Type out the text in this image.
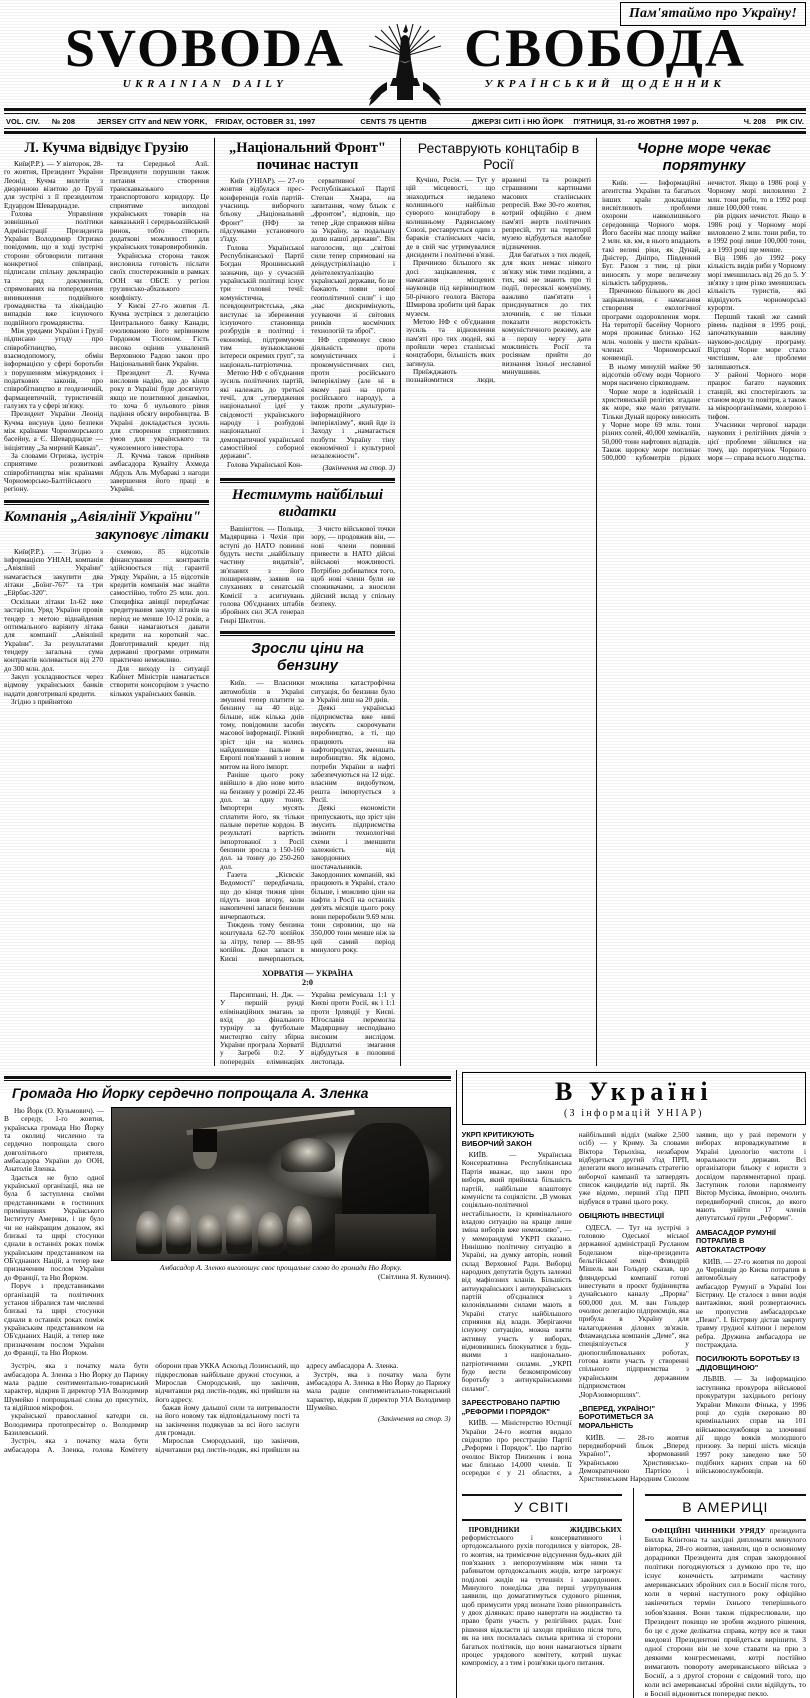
Пам'ятаймо про Україну!
SVOBODA
UKRAINIAN DAILY
СВОБОДА
УКРАЇНСЬКИЙ ЩОДЕННИК
VOL. CIV. № 208	JERSEY CITY and NEW YORK, FRIDAY, OCTOBER 31, 1997	CENTS 75 ЦЕНТІВ	ДЖЕРЗІ СИТІ і НЮ ЙОРК П'ЯТНИЦЯ, 31-го ЖОВТНЯ 1997 р.	Ч. 208 РІК CIV.
Л. Кучма відвідує Грузію

Київ(Р.Р.). — У вівторок, 28-го жовтня, Президент України Леонід Кучма вилетів з дводенною візитою до Грузії для зустрічі з її президентом Едуардом Шеварднадзе.

Голова Управління зовнішньої політики Адміністрації Президента України Володимир Огризко повідомив, що в ході зустрічі сторони обговорили питання конкретної співпраці, підписали спільну деклярацію та ряд документів, спрямованих на попередження виникнення подвійного громадянства та ліквідацію випадків вже існуючого подвійного громадянства.

Між урядами України і Грузії підписано угоду про співробітництво, взаємодопомогу, обмін інформацією у сфері боротьби з порушенням міжурядових і податкових законів, про співробітництво в геодезичній, фармацевтичній, туристичній галузях та у сфері зв'язку.

Президент України Леонід Кучма висунув ідею безпеки між країнами Чорноморського басейну, а Є. Шеварднадзе — ініціятиву „За мирний Кавказ".

За словами Огризка, зустріч сприятиме розвиткові співробітництва між країнами Чорноморсько-Балтійського регіону.

та Середньої Азії. Президенти порушили також питання створення транскавказького транспортового коридору. Це сприятиме виходові українських товарів на кавказький і середньоазійський ринок, тобто створить додаткові можливості для українських товаровиробників.

Українська сторона також висловила готовість післати своїх спостережників в рамках ООН чи ОБСЕ у регіон грузинсько-абхазького конфлікту.

У Києві 27-го жовтня Л. Кучма зустрівся з делегацією Центрального банку Канади, очолюваною його керівником Гордоном Тіссеном. Гість високо оцінив ухвалений Верховною Радою закон про Національний банк України.

Президент Л. Кучма висловив надію, що до кінця року в Україні буде досягнуто якщо не позитивної динаміки, то хоча б нульового рівня падіння обсягу виробництва. В Україні докладається зусиль для створення сприятливих умов для українського та чужоземного інвестора.

Л. Кучма також прийняв амбасадора Кувайту Ахмеда Абдуль Аль Мубаракі з нагоди завершення його праці в Україні.

Компанія „Авіялінії України"
закуповує літаки

Київ(Р.Р.). — Згідно з інформацією УНІАН, компанія „Авіялінії України" намагається закупити два літаки „Боїнг-767" та три „Ейрбас-320".

Оскільки літаки Іл-62 вже застаріли, Уряд України провів тендер з метою віднайдення оптимального варіянту літака для компанії „Авіялінії України". За результатами тендеру загальна сума контрактів коливається від 270 до 300 млн. дол.

Закуп ускладнюється через відмову українських банків надати довготривалі кредити.

Згідно з прийнятою

схемою, 85 відсотків фінансування контрактів здійснюється під гарантії Уряду України, а 15 відсотків кредитів компанія має знайти самостійно, тобто 25 млн. дол. Специфіка авіяції передбачає кредитування закупу літаків на період не менше 10-12 років, а банки намагаються давати кредити на короткий час. Довготривалий кредит під державні програми отримати практично неможливо.

Для виходу із ситуації Кабінет Міністрів намагається створити консорціюм з участю кількох українських банків.

„Національний Фронт"
починає наступ

Київ (УНІАР). — 27-го жовтня відбулася прес-конференція голів партій-учасниць виборчого бльоку „Національний Фронт" (НФ) за підсумками установчого з'їзду.

Голова Української Республіканської Партії Богдан Ярошинський зазначив, що у сучасній українській політиці існує три головні течії: комуністична, псевдоцентристська, „яка виступає за збереження існуючого становища розбрудів в політиці і економіці, підтримуючи тим вузькокланові інтереси окремих груп", та національ-патріотична.

Метою НФ є об'єднання зусиль політичних партій, які належать до третьої течії, для „утвердження національної ідеї у свідомості українського народу і розбудові національної і демократичної української самостійної соборної держави".

Голова Української Кон-

сервативної Республіканської Партії Степан Хмара, на запитання, чому бльок є „фронтом", відповів, що тепер „йде справжня війна за Україну, за подальшу долю нашої держави". Він наголосив, що „світові сили тепер спрямовані на деіндустріялізацію і деінтелектуалізацію української держави, бо не бажають появи нової геополітичної сили" і що „нас дискримінують, усуваючи зі світових ринків космічних технологій та зброї".

НФ спрямовує свою діяльність проти комуністичних і прокомуністичних сил, проти російського імперіялізму (але ні в якому разі на проти російського народу), а також проти „культурно-інформаційного імперіялізму", який йде із Заходу і „намагається позбути Україну тіну економічної і культурної незалежности".

(Закінчення на стор. 3)

Нестимуть найбільші видатки

Вашінґтон. — Польща, Мадярщина і Чехія при вступі до НАТО повинні будуть нести „найбільшу частину видатків", зв'язаних з його поширенням, заявив на слуханнях в сенатській Комісії з асигнувань голова Об'єднаних штабів збройних сил ЗСА генерал Генрі Шелтон.

З чисто військової точки зору, — продовжив він, — нові члени повинні привести в НАТО дійсні військові можливості. Потрібно добиватися того, щоб нові члени були не споживачами, а вносили дійсний вклад у спільну безпеку.

Зросли ціни на бензину

Київ. — Власники автомобілів в Україні змушені тепер платити за бензину на 40 відс. більше, ніж кілька днів тому, повідомили засоби масової інформації. Різкий зріст цін на колись найдешевше пальне в Европі пов'язаний з новим митом на його імпорт.

Раніше цього року ввійшло в дію нове мито на бензину у розмірі 22.46 дол. за одну тонну. Імпортери мусять сплатити його, як тільки пальне перетне кордон. В результаті вартість імпортованої з Росії бензини зросла з 150-160 дол. за тонну до 250-260 дол.

Газета „Кієвскіє Ведомості" передбачала, що до кінця тижня ціни підуть знов вгору, коли накопичені запаси бензини вичерпаються.

Тиждень тому бензина коштувала 62-70 копійок за літру, тепер — 88-95 копійок. Доки запаси в Києві вичерпаються, можлива катастрофічна ситуація, бо бензини було в Україні лиш на 20 днів.

Деякі українські підприємства вже нині змусять скорочувати виробництво, а ті, що працюють на нафтопродуктах, зменшать виробництво. Як відомо, потреби України в нафті забезпечуються на 12 відс. власним видобутком, решта імпортується з Росії.

Деякі економісти припускають, що зріст цін змусить підприємства змінити технологічні схеми і зменшити залежність від закордонних шостачальників. Закордонних компаній, які працюють в Україні, стало більше, і можливо ціни на нафти з Росії на останніх дев'ять місяців цього року вони переробили 9.69 млн. тонн сировини, що на 350,000 тонн менше ніж за цей самий період минулого року.

ХОРВАТІЯ — УКРАЇНА
2:0

Парсиппані, Н. Дж. — У першій рунді елімінаційних змагань за вхід до фінального турніру за футбольне мистецтво світу збірна України програла Хорватії у Загребі 0:2. У попередніх еліминаціях Україна ремісувала 1:1 у Києві проти Росії, як і 1:1 проти Ірляндії у Києві. Югославія перемогла Мадярщину несподівано високим вислідом. Відплатні змагання відбудуться в половині листопада.

Реставрують концтабір в Росії

Кучіно, Росія. — Тут у цій місцевості, що знаходиться недалеко колишнього найбільш суворого концтабору в колишньому Радянському Союзі, реставрується один з бараків сталінських часів, де в свій час утримувалися дисиденти і політичні в'язні.

Причиною більшого як досі зацікавлення, є намагання місцевих науковців під керівництвом 50-річного геолога Віктора Шмирова зробити цей барак музеєм.

Метою НФ є об'єднання зусиль та відновлення пам'яті про тих людей, які пройшли через сталінські концтабори, більшість яких загинула.

Приїжджають познайомитися люди, вражені та розкриті страшними картинами масових сталінських репресій. Вже 30-го жовтня, котрий офіційно є днем пам'яті жертв політичних репресій, тут на території музею відбудеться жалобне відзначення.

Для багатьох з тих людей, для яких немає ніякого зв'язку між тими подіями, а тих, які не знають про ті події, пересяклі комунізму, важливо пам'ятати і приєднуватися до тих злочинів, є не тільки показати жорстокість комуністичного режиму, але в першу чергу дати можливість Росії та росіянам прийти до визнання їхньої неславної минувшини.

Чорне море чекає порятунку

Київ. — Інформаційні агентства України та багатьох інших країн докладніше висвітлюють проблеми охорони навколишнього середовища Чорного моря. Його басейн має площу майже 2 млн. кв. км, в нього впадають такі великі ріки, як Дунай, Дністер, Дніпро, Південний Буг. Разом з тим, ці ріки виносять у море величезну кількість забруднень.

Причиною більшого як досі зацікавлення, є намагання створення екологічної програми оздоровлення моря. На території басейну Чорного моря проживає близько 162 млн. чоловік у шести країнах-членах Чорноморської конвенції.

В ньому минулій майже 90 відсотків об'єму води Чорного моря насичено сірководнем.

Чорне море в іодейській і християнській релігіях згадане як море, яке мало рятувати. Тільки Дунай щороку виносить у Чорне море 69 млн. тонн різних солей, 40,000 хемікаліїв, 50,000 тонн нафтових відпадів. Також щороку море поглинає 500,000 кубометрів рідких нечистот. Якщо в 1986 році у Чорному морі виловлено 2 млн. тони риби, то в 1992 році лише 100,000 тонн.

рів рідких нечистот. Якщо в 1986 році у Чорному морі виловлено 2 млн. тони риби, то в 1992 році лише 100,000 тонн, а в 1993 році ще менше.

Від 1986 до 1992 року кількість видів риби у Чорному морі зменшилась від 26 до 5. У зв'язку з цим різко зменшилась кількість туристів, які відвідують чорноморські курорти.

Перший такий же самий рівень падіння в 1995 році, започаткувавши важливу науково-дослідну програму. Відтоді Чорне море стало чистішим, але проблеми залишаються.

У районі Чорного моря працює багато наукових станцій, які спостерігають за станом води та повітря, а також за мікроорганізмами, холерою і тифом.

Учасники чергової наради наукових і релігійних діячів з цієї проблеми зійшлися на тому, що порятунок Чорного моря — справа всього людства.

Громада Ню Йорку сердечно попрощала А. Зленка

Ню Йорк (О. Кузьмович). — В середу, 1-го жовтня, українська громада Ню Йорку та околиці численно та сердечно попрощала свого довголітнього приятеля, амбасадора України до ООН, Анатолія Зленка.

Здається не було одної української організації, яка не була б заступлена своїми представниками в гостинних приміщеннях Українського Інституту Америки, і це було чи не найкращим доказом, які близькі та щирі стосунки єднали в останніх роках поміж українським представником на ОБ'єднаних Націй, а тепер вже призначеним послом України до Франції, та Ню Йорком.

Поруч з представниками організацій та політичних установ зібралися там численні близькі та щирі стосунки єднали в останніх роках поміж українським представником на ОБ'єднаних Націй, а тепер вже призначеним послом України до Франції, та Ню Йорком.

Амбасадор А. Зленко виголошує своє прощальне слово до громади Ню Йорку.
(Світлина Я. Кулинич).

Зустріч, яка з початку мала бути амбасадора А. Зленка з Ню Йорку до Парижу мала радше сентиментально-товариський характер, відкрив її директор УІА Володимир Шумейко і попрощальні слова до присутніх, та відійшов мікрофон.

української православної катедри св. Володимира протопресвітер о. Володимир Базилевський.

Зустріч, яка з початку мала бути амбасадора А. Зленка, голова Комітету оборони прав УККА Аскольд Лозинський, що підкреслював найбільше дружні стосунки, а Мирослав Смородський, що закінчив, відчитавши ряд листів-подяк, які прийшли на його адресу.

бажав йому дальшої сили та витривалости на його новому так відповідальному пості та на закінчення подякував за всі його заслуги для громади.

Мирослав Смородський, що закінчив, відчитавши ряд листів-подяк, які прийшли на адресу амбасадора А. Зленка.

Зустріч, яка з початку мала бути амбасадора А. Зленка в Ню Йорку до Парижу мала радше сентиментально-товариський характер, відкрив її директор УІА Володимир Шумейко.

(Закінчення на стор. 3)

В Україні
(З інформацій УНІАР)
УКРП КРИТИКУЮТЬ ВИБОРЧИЙ ЗАКОН

КИЇВ. — Українська Консервативна Республіканська Партія вважає, що закон про вибори, який прийняла більшість партій, найбільше влаштовує комуністи та соціялісти. „В умовах соціяльно-політичної нестабільности, із кримінального владою ситуацію на краще лише зміна виборів вже неможливо", — у меморандумі УКРП сказано. Нинішню політичну ситуацію в Україні, на думку авторів, новий склад Верховної Ради. Виборці народних депутатів будуть залежні від мафіозних кланів. Більшість антиукраїнських і антиукраїнських партій об'єдналися з колоніяльними силами мають в Україні статус найбільшого сприяння від влади. Зберігаючи існуючу ситуацію, можна взяти активну участь у виборах, відмовившись блокуватися з будь-якими з національно-патріотичними силами. „УКРП буде вести безкомпромісову боротьбу з антиукраїнськими силами".

ЗАРЕЄСТРОВАНО ПАРТІЮ „РЕФОРМИ І ПОРЯДОК"

КИЇВ. — Міністерство Юстиції України 24-го жовтня видало свідоцтво про реєстрацію Партії „Реформи і Порядок". Цю партію очолює Віктор Пинзеник і вона має близько 14,000 членів. Її осередки є у 21 областях, а найбільший відділ (майже 2,500 осіб) — у Криму. За словами Віктора Терьохіна, незабаром відбудеться другий з'їзд ПРП, делегати якого визначать стратегію виборчої кампанії та затвердять список кандидатів від партії. Як уже відомо, перший з'їзд ПРП відбувся в травні цього року.

ОБІЦЯЮТЬ ІНВЕСТИЦІЇ

ОДЕСА. — Тут на зустрічі з головою Одеської міської державної адміністрації Русланом Боделаном віце-президента бельгійської землі Фляндрій Мішель ван Гольдер сказав, що фляндерські компанії готові інвестувати в проєкт будівництва дунайського каналу „Прорва" 600,000 дол. М. ван Гольдер очолює делегацію підприємців, яка прибула в Україну для налагодження ділових зв'язків. Фламандська компанія „Деме", яка спеціялізується у днопоглиблювальних роботах, готова взяти участь у створенні спільного підприємства з українським державним підприємством „ЧорАзовморшлях".

„ВПЕРЕД, УКРАЇНО!" БОРОТИМЕТЬСЯ ЗА МОРАЛЬНІСТЬ

КИЇВ. — 28-го жовтня передвиборчий бльок „Вперед Україно!", зформований Українською Християнсько-Демократичною Партією і Християнським Народним Союзом заявив, що у разі перемоги у виборах впроваджуватиме в Україні ідеологію чистоти і моральности держави. Всі організатори бльоку є юристи з досвідом парляментарної праці. Заступник голови парляменту Віктор Мусіяка, ймовірно, очолить передвиборчий список, до якого мають увійти 17 членів депутатської групи „Реформи".

АМБАСАДОР РУМУНІЇ ПОТРАПИВ В АВТОКАТАСТРОФУ

КИЇВ. — 27-го жовтня по дорозі до Чернівців до Києва потрапив в автомобільну катастрофу амбасадор Румунії в Україні Іон Бістряну. Це сталося з вини водія вантажівки, який розвертаючись не пропустив амбасадорське „Пежо". І. Бістряну дістав закриту травму грудної клітини і перелом ребра. Дружина амбасадора не постраждала.

ПОСИЛЮЮТЬ БОРОТЬБУ ІЗ „ДІДОВЩИНОЮ"

ЛЬВІВ. — За інформацією заступника прокурора військової прокуратури західнього регіону України Миколи Фінька, у 1996 році до судів скеровано 80 кримінальних справ на 101 військовослужбовця за злочинні дії щодо вояків молодшого призову. За перші шість місяців 1997 року заведено вже 50 подібних карних справ на 60 військовослужбовців.

У СВІТІ

ПРОВІДНИКИ ЖИДІВСЬКИХ реформістського і консервативного і ортодоксального рухів погодилися у вівторок, 28-го жовтня, на тримісячне відсунення будь-яких дій пов'язаних з непорозумінням між ними та рабинатом ортодоксальних жидів, котре загрожує поділові жидів на тутешніх і закордонних. Минулого понеділка два перші угрупування заявили, що домагатимуться судового рішення, щоб примусити уряд визнати їхню рівноправність у двох ділянках: право навертати на жидівство та право брати участь у релігійних радах. Їхнє рішення відкласти ці заходи прийшло після того, як на них посилалась сильна критика зі сторони багатьох політиків, що вони намагаються зірвати процес урядового комітету, котрий шукає компромісу, а з тим і розв'язки цього питання.

В АМЕРИЦІ

ОФІЦІЙНІ ЧИННИКИ УРЯДУ президента Билла Клінтона та західні дипломати минулого вівторка, 28-го жовтня, заявили, що в основному дорадники Президента для справ закордонної політики погоджуються з думкою про те, що існує конечність затримати частину американських збройних сил в Боснії після того, коли в червні наступного року офіційно закінчиться термін їхнього теперішнього зобов'язання. Вони також підкреслювали, що Президент покищо не зробив жодного рішення, бо це є дуже делікатна справа, котру все ж таки вкедовзі Президентові прийдеться вирішити. З одної сторони він не хоче ставати на прю з деякими конгресменами, котрі постійно вимагають повороту американського війська з Боснії, а з другої сторони є свідомий того, що коли всі американські збройні сили відійдуть, то в Боснії відновиться попереднє пекло.
